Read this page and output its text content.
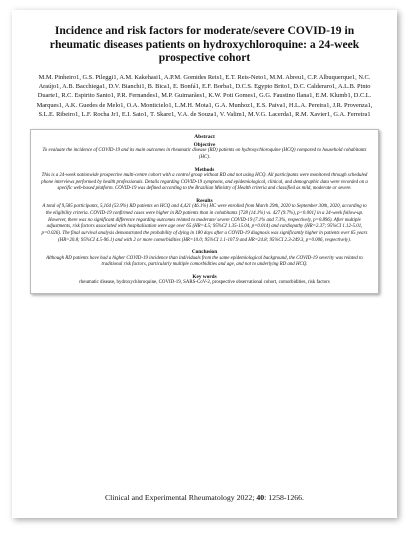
Incidence and risk factors for moderate/severe COVID-19 in rheumatic diseases patients on hydroxychloroquine: a 24-week prospective cohort
M.M. Pinheiro1, G.S. Pileggi1, A.M. Kakehasi1, A.P.M. Gomides Reis1, E.T. Reis-Neto1, M.M. Abreu1, C.P. Albuquerque1, N.C. Araújo1, A.B. Bacchiega1, D.V. Bianchi1, B. Bica1, E. Bonfá1, E.F. Borba1, D.C.S. Egypto Brito1, D.C. Calderaro1, A.L.B. Pinto Duarte1, R.C. Espirito Santo1, P.R. Fernandes1, M.P. Guimarães1, K.W. Poti Gomes1, G.G. Faustino Ilana1, E.M. Klumb1, D.C.L. Marques1, A.K. Guedes de Melo1, O.A. Monticielo1, L.M.H. Mota1, G.A. Munhoz1, E.S. Paiva1, H.L.A. Pereira1, J.R. Provenza1, S.L.E. Ribeiro1, L.F. Rocha Jr1, E.I. Sato1, T. Skare1, V.A. de Souza1, V. Valim1, M.V.G. Lacerda1, R.M. Xavier1, G.A. Ferreira1
Abstract
Objective
To evaluate the incidence of COVID-19 and its main outcomes in rheumatic disease (RD) patients on hydroxychloroquine (HCQ) compared to household cohabitants (HC).
Methods
This is a 24-week nationwide prospective multi-centre cohort with a control group without RD and not using HCQ. All participants were monitored through scheduled phone interviews performed by health professionals. Details regarding COVID-19 symptoms, and epidemiological, clinical, and demographic data were recorded on a specific web-based platform. COVID-19 was defined according to the Brazilian Ministry of Health criteria and classified as mild, moderate or severe.
Results
A total of 9,585 participants, 5,164 (53.9%) RD patients on HCQ and 4,421 (46.1%) HC were enrolled from March 29th, 2020 to September 30th, 2020, according to the eligibility criteria. COVID-19 confirmed cases were higher in RD patients than in cohabitants [728 (14.1%) vs. 427 (9.7%), p<0.001] in a 24-week follow-up. However, there was no significant difference regarding outcomes related to moderate/ severe COVID-19 (7.1% and 7.3%, respectively, p=0.896). After multiple adjustments, risk factors associated with hospitalisation were age over 65 (HR=4.5; 95%CI 1.35-15.04, p=0.014) and cardiopathy (HR=2.37; 95%CI 1.12-5.01, p=0.026). The final survival analysis demonstrated the probability of dying in 180 days after a COVID-19 diagnosis was significantly higher in patients over 65 years (HR=20.8; 95%CI 4.5-96.1) and with 2 or more comorbidities (HR=10.0; 95%CI 1.1-107.9 and HR=24.8; 95%CI 2.3-249.3, p=0.006, respectively).
Conclusion
Although RD patients have had a higher COVID-19 incidence than individuals from the same epidemiological background, the COVID-19 severity was related to traditional risk factors, particularly multiple comorbidities and age, and not to underlying RD and HCQ.
Key words
rheumatic disease, hydroxychloroquine, COVID-19, SARS-CoV-2, prospective observational cohort, comorbidities, risk factors
Clinical and Experimental Rheumatology 2022; 40: 1258-1266.
